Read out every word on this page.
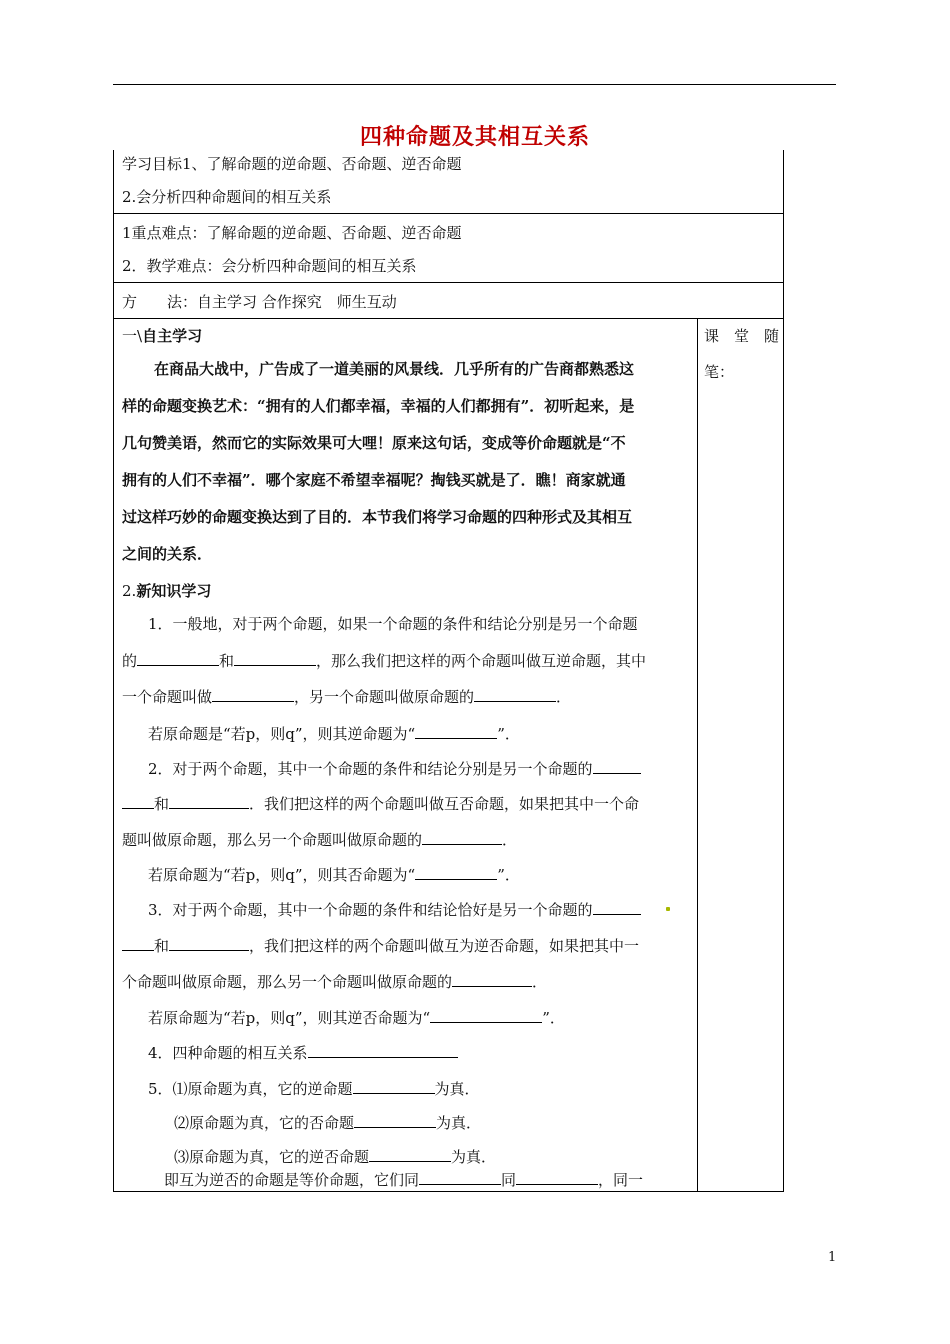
四种命题及其相互关系
学习目标1、了解命题的逆命题、否命题、逆否命题
2.会分析四种命题间的相互关系
1重点难点：了解命题的逆命题、否命题、逆否命题
2．教学难点：会分析四种命题间的相互关系
方　　法：自主学习 合作探究　师生互动
课　堂　随
笔：
一\自主学习
在商品大战中，广告成了一道美丽的风景线．几乎所有的广告商都熟悉这
样的命题变换艺术：“拥有的人们都幸福，幸福的人们都拥有”．初听起来，是
几句赞美语，然而它的实际效果可大哩！原来这句话，变成等价命题就是“不
拥有的人们不幸福”．哪个家庭不希望幸福呢？掏钱买就是了．瞧！商家就通
过这样巧妙的命题变换达到了目的．本节我们将学习命题的四种形式及其相互
之间的关系．
2.新知识学习
1．一般地，对于两个命题，如果一个命题的条件和结论分别是另一个命题
的	和	，那么我们把这样的两个命题叫做互逆命题，其中
一个命题叫做	，另一个命题叫做原命题的	．
若原命题是“若p，则q”，则其逆命题为“	”．
2．对于两个命题，其中一个命题的条件和结论分别是另一个命题的
和	．我们把这样的两个命题叫做互否命题，如果把其中一个命
题叫做原命题，那么另一个命题叫做原命题的	．
若原命题为“若p，则q”，则其否命题为“	”．
3．对于两个命题，其中一个命题的条件和结论恰好是另一个命题的
和	，我们把这样的两个命题叫做互为逆否命题，如果把其中一
个命题叫做原命题，那么另一个命题叫做原命题的	．
若原命题为“若p，则q”，则其逆否命题为“	”．
4．四种命题的相互关系
5．⑴原命题为真，它的逆命题	为真．
⑵原命题为真，它的否命题	为真．
⑶原命题为真，它的逆否命题	为真．
即互为逆否的命题是等价命题，它们同	同	，同一
1
